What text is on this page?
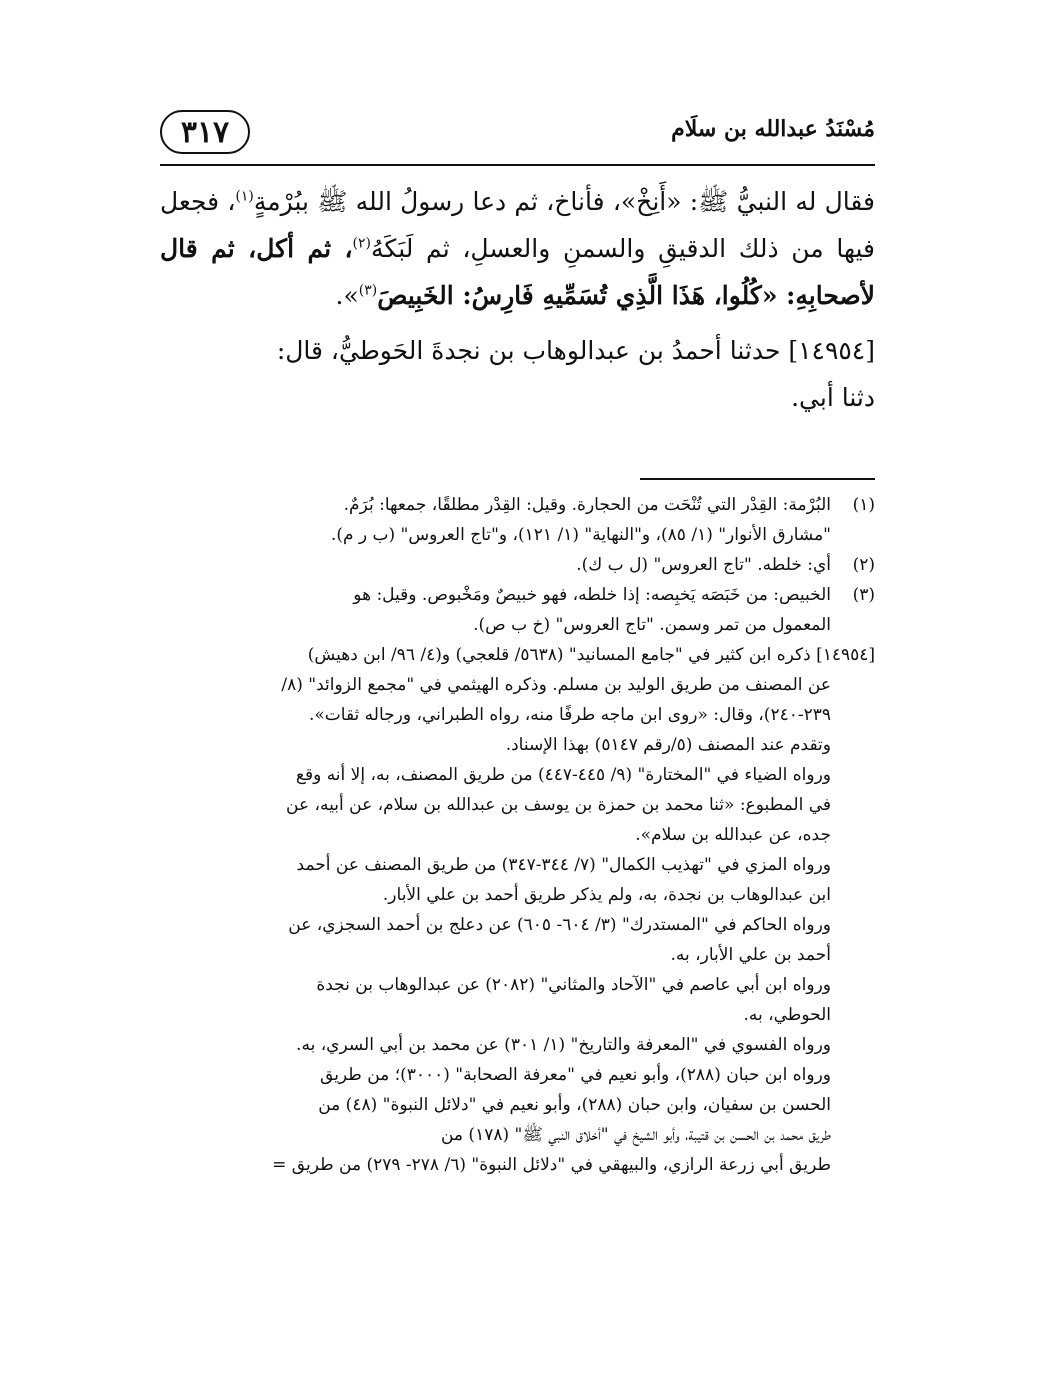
٣١٧	مُسْنَدُ عبدالله بن سلَام

فقال له النبيُّ ﷺ: «أَنِخْ»، فأناخ، ثم دعا رسولُ الله ﷺ ببُرْمةٍ$^{(١)}$، فجعل فيها من ذلك الدقيقِ والسمنِ والعسلِ، ثم لَبَكَهُ$^{(٢)}$، ثم أكل، ثم قال لأصحابِهِ: «كُلُوا، هَذَا الَّذِي تُسَمِّيهِ فَارِسُ: الخَبِيصَ$^{(٣)}$».

[١٤٩٥٤] حدثنا أحمدُ بن عبدالوهاب بن نجدةَ الحَوطيُّ، قال:
دثنا أبي.

(١)
البُرْمة: القِدْر التي تُنْحَت من الحجارة. وقيل: القِدْر مطلقًا، جمعها: بُرَمٌ.
"مشارق الأنوار" (١/ ٨٥)، و"النهاية" (١/ ١٢١)، و"تاج العروس" (ب ر م).
(٢)
أي: خلطه. "تاج العروس" (ل ب ك).
(٣)
الخبيص: من خَبَصَه يَخبِصه: إذا خلطه، فهو خبيصٌ ومَخْبوص. وقيل: هو
المعمول من تمر وسمن. "تاج العروس" (خ ب ص).
[١٤٩٥٤] ذكره ابن كثير في "جامع المسانيد" (٥٦٣٨/ قلعجي) و(٤/ ٩٦/ ابن دهيش)
عن المصنف من طريق الوليد بن مسلم. وذكره الهيثمي في "مجمع الزوائد" (٨/
٢٣٩-٢٤٠)، وقال: «روى ابن ماجه طرفًا منه، رواه الطبراني، ورجاله ثقات».
وتقدم عند المصنف (٥/رقم ٥١٤٧) بهذا الإسناد.
ورواه الضياء في "المختارة" (٩/ ٤٤٥-٤٤٧) من طريق المصنف، به، إلا أنه وقع
في المطبوع: «ثنا محمد بن حمزة بن يوسف بن عبدالله بن سلام، عن أبيه، عن
جده، عن عبدالله بن سلام».
ورواه المزي في "تهذيب الكمال" (٧/ ٣٤٤-٣٤٧) من طريق المصنف عن أحمد
ابن عبدالوهاب بن نجدة، به، ولم يذكر طريق أحمد بن علي الأبار.
ورواه الحاكم في "المستدرك" (٣/ ٦٠٤- ٦٠٥) عن دعلج بن أحمد السجزي، عن
أحمد بن علي الأبار، به.
ورواه ابن أبي عاصم في "الآحاد والمثاني" (٢٠٨٢) عن عبدالوهاب بن نجدة
الحوطي، به.
ورواه الفسوي في "المعرفة والتاريخ" (١/ ٣٠١) عن محمد بن أبي السري، به.
ورواه ابن حبان (٢٨٨)، وأبو نعيم في "معرفة الصحابة" (٣٠٠٠)؛ من طريق
الحسن بن سفيان، وابن حبان (٢٨٨)، وأبو نعيم في "دلائل النبوة" (٤٨) من
طريق محمد بن الحسن بن قتيبة، وأبو الشيخ في "أخلاق النبي ﷺ" (١٧٨) من
طريق أبي زرعة الرازي، والبيهقي في "دلائل النبوة" (٦/ ٢٧٨- ٢٧٩) من طريق =
